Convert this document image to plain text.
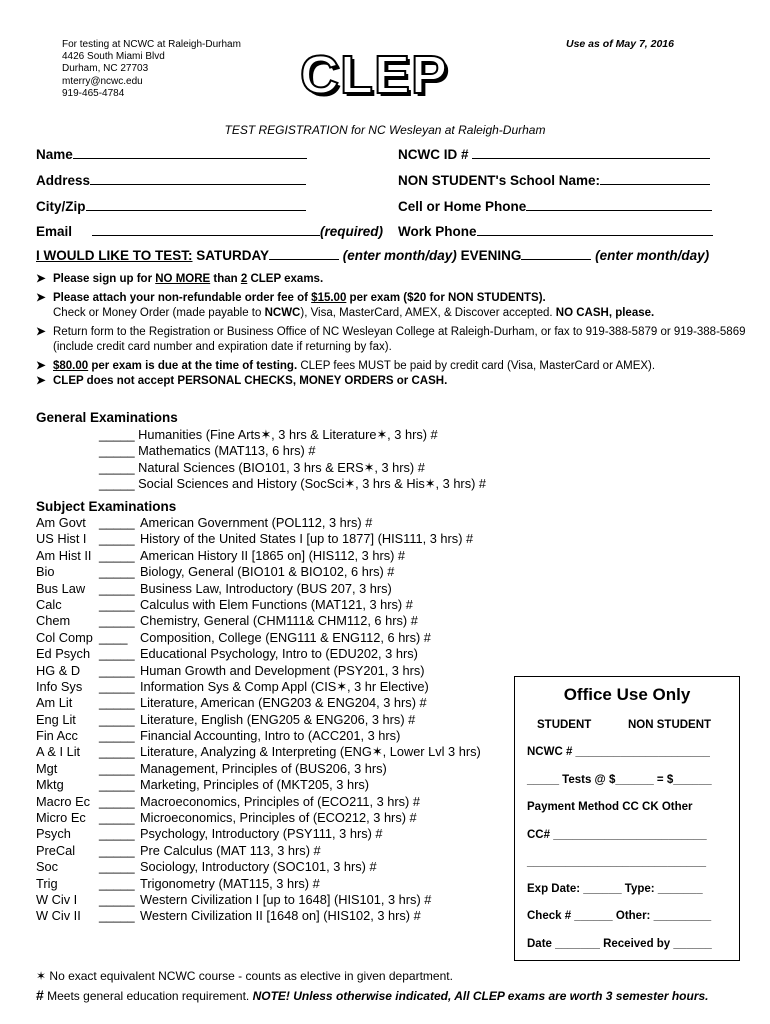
For testing at NCWC at Raleigh-Durham
4426 South Miami Blvd
Durham, NC 27703
mterry@ncwc.edu
919-465-4784
Use as of May 7, 2016
CLEP
TEST REGISTRATION for NC Wesleyan at Raleigh-Durham
Name	NCWC ID #
Address	NON STUDENT's School Name:
City/Zip	Cell or Home Phone
Email	(required) Work Phone
I WOULD LIKE TO TEST: SATURDAY	(enter month/day) EVENING	(enter month/day)
➤ Please sign up for NO MORE than 2 CLEP exams.
➤ Please attach your non-refundable order fee of $15.00 per exam ($20 for NON STUDENTS).
Check or Money Order (made payable to NCWC), Visa, MasterCard, AMEX, & Discover accepted. NO CASH, please.
➤ Return form to the Registration or Business Office of NC Wesleyan College at Raleigh-Durham, or fax to 919-388-5879 or 919-388-5869 (include credit card number and expiration date if returning by fax).
➤ $80.00 per exam is due at the time of testing. CLEP fees MUST be paid by credit card (Visa, MasterCard or AMEX).
➤ CLEP does not accept PERSONAL CHECKS, MONEY ORDERS or CASH.
General Examinations
_____ Humanities (Fine Arts✶, 3 hrs & Literature✶, 3 hrs) #
_____ Mathematics (MAT113, 6 hrs) #
_____ Natural Sciences (BIO101, 3 hrs & ERS✶, 3 hrs) #
_____ Social Sciences and History (SocSci✶, 3 hrs & His✶, 3 hrs) #
Subject Examinations
Am Govt _____ American Government (POL112, 3 hrs) #
US Hist I _____ History of the United States I [up to 1877] (HIS111, 3 hrs) #
Am Hist II _____ American History II [1865 on] (HIS112, 3 hrs) #
Bio	_____ Biology, General (BIO101 & BIO102, 6 hrs) #
Bus Law _____ Business Law, Introductory (BUS 207, 3 hrs)
Calc	_____ Calculus with Elem Functions (MAT121, 3 hrs) #
Chem _____ Chemistry, General (CHM111& CHM112, 6 hrs) #
Col Comp ____ Composition, College (ENG111 & ENG112, 6 hrs) #
Ed Psych _____ Educational Psychology, Intro to (EDU202, 3 hrs)
HG & D _____ Human Growth and Development (PSY201, 3 hrs)
Info Sys _____ Information Sys & Comp Appl (CIS✶, 3 hr Elective)
Am Lit _____ Literature, American (ENG203 & ENG204, 3 hrs) #
Eng Lit _____ Literature, English (ENG205 & ENG206, 3 hrs) #
Fin Acc _____ Financial Accounting, Intro to (ACC201, 3 hrs)
A & I Lit _____ Literature, Analyzing & Interpreting (ENG✶, Lower Lvl 3 hrs)
Mgt	_____ Management, Principles of (BUS206, 3 hrs)
Mktg	_____ Marketing, Principles of (MKT205, 3 hrs)
Macro Ec _____ Macroeconomics, Principles of (ECO211, 3 hrs) #
Micro Ec _____ Microeconomics, Principles of (ECO212, 3 hrs) #
Psych _____ Psychology, Introductory (PSY111, 3 hrs) #
PreCal _____ Pre Calculus (MAT 113, 3 hrs) #
Soc	_____ Sociology, Introductory (SOC101, 3 hrs) #
Trig	_____ Trigonometry (MAT115, 3 hrs) #
W Civ I _____ Western Civilization I [up to 1648] (HIS101, 3 hrs) #
W Civ II _____ Western Civilization II [1648 on] (HIS102, 3 hrs) #
Office Use Only
STUDENT	NON STUDENT
NCWC # _____________________
_____ Tests @ $______ = $______
Payment Method CC CK Other
CC# ________________________
____________________________
Exp Date: ______ Type: _______
Check # ______ Other: _________
Date _______ Received by ______
✶ No exact equivalent NCWC course - counts as elective in given department.
# Meets general education requirement. NOTE! Unless otherwise indicated, All CLEP exams are worth 3 semester hours.
